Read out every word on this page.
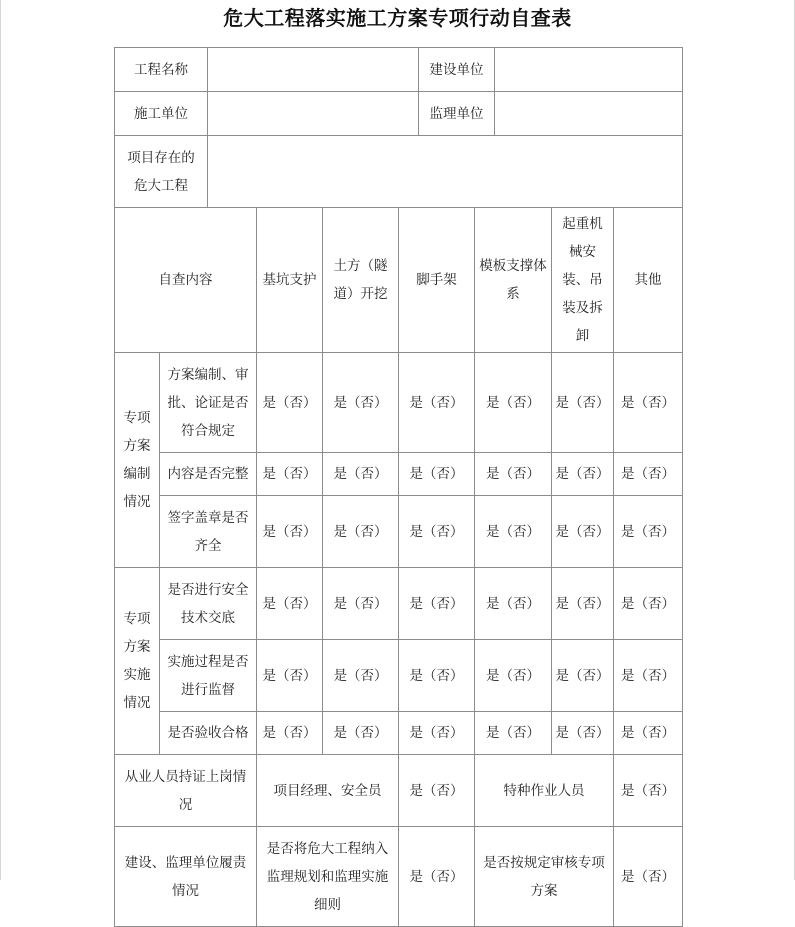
危大工程落实施工方案专项行动自查表
工程名称						建设单位				
施工单位						监理单位				
项目存在的危大工程										
自查内容			基坑支护	土方（隧道）开挖	脚手架		模板支撑体系		起重机械安装、吊装及拆卸	其他
专项方案编制情况	方案编制、审批、论证是否符合规定		是（否）	是（否）	是（否）		是（否）		是（否）	是（否）
	内容是否完整		是（否）	是（否）	是（否）		是（否）		是（否）	是（否）
	签字盖章是否齐全		是（否）	是（否）	是（否）		是（否）		是（否）	是（否）
专项方案实施情况	是否进行安全技术交底		是（否）	是（否）	是（否）		是（否）		是（否）	是（否）
	实施过程是否进行监督		是（否）	是（否）	是（否）		是（否）		是（否）	是（否）
	是否验收合格		是（否）	是（否）	是（否）		是（否）		是（否）	是（否）
从业人员持证上岗情况			项目经理、安全员		是（否）		特种作业人员			是（否）
建设、监理单位履责情况			是否将危大工程纳入监理规划和监理实施细则		是（否）		是否按规定审核专项方案			是（否）
